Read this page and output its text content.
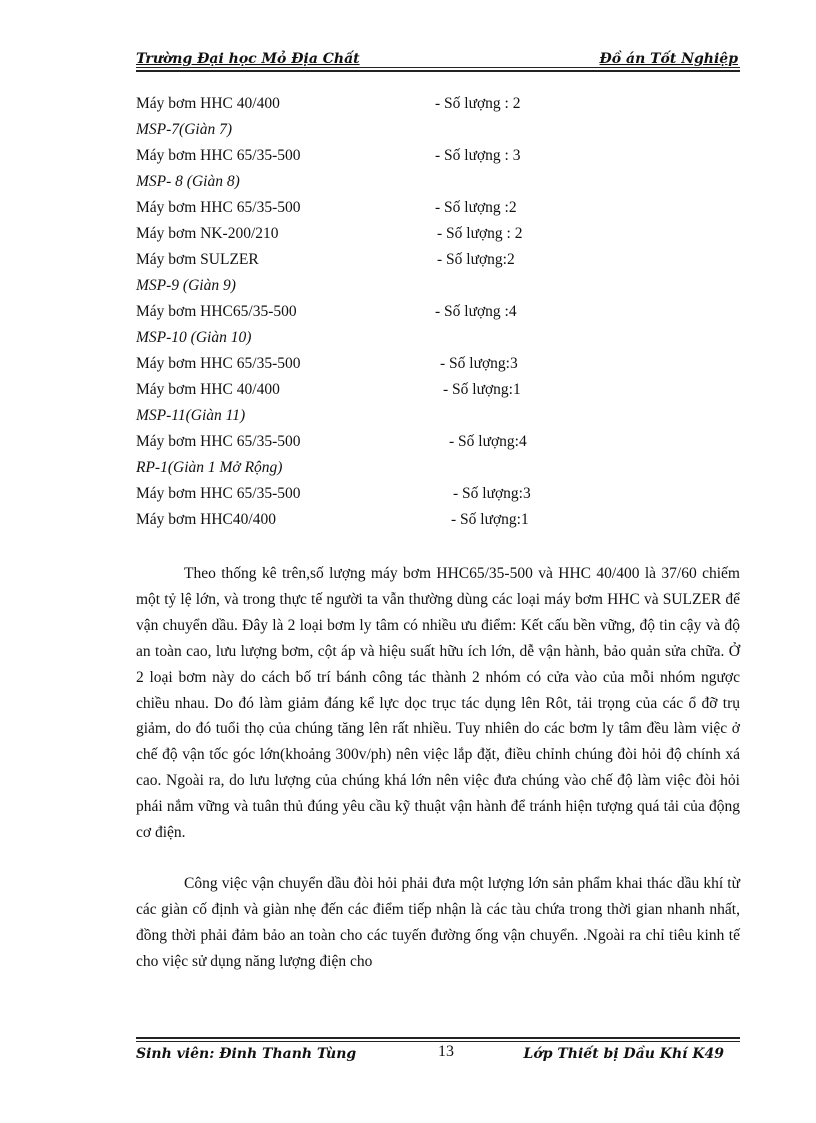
Trường Đại học Mỏ Địa Chất	Đồ án Tốt Nghiệp
Máy bơm HHC 40/400	- Số lượng : 2
MSP-7(Giàn 7)
Máy bơm HHC 65/35-500	- Số lượng : 3
MSP- 8 (Giàn 8)
Máy bơm HHC 65/35-500	- Số lượng :2
Máy bơm NK-200/210	- Số lượng : 2
Máy bơm SULZER	- Số lượng:2
MSP-9 (Giàn 9)
Máy bơm HHC65/35-500	- Số lượng :4
MSP-10 (Giàn 10)
Máy bơm HHC 65/35-500	- Số lượng:3
Máy bơm HHC 40/400	- Số lượng:1
MSP-11(Giàn 11)
Máy bơm HHC 65/35-500	- Số lượng:4
RP-1(Giàn 1 Mở Rộng)
Máy bơm HHC 65/35-500	- Số lượng:3
Máy bơm HHC40/400	- Số lượng:1
Theo thống kê trên,số lượng máy bơm HHC65/35-500 và HHC 40/400 là 37/60 chiếm một tỷ lệ lớn, và trong thực tế người ta vẫn thường dùng các loại máy bơm HHC và SULZER để vận chuyển dầu. Đây là 2 loại bơm ly tâm có nhiều ưu điểm: Kết cấu bền vững, độ tin cậy và độ an toàn cao, lưu lượng bơm, cột áp và hiệu suất hữu ích lớn, dễ vận hành, bảo quản sửa chữa. Ở 2 loại bơm này do cách bố trí bánh công tác thành 2 nhóm có cửa vào của mỗi nhóm ngược chiều nhau. Do đó làm giảm đáng kể lực dọc trục tác dụng lên Rôt, tải trọng của các ổ đỡ trụ giảm, do đó tuổi thọ của chúng tăng lên rất nhiều. Tuy nhiên do các bơm ly tâm đều làm việc ở chế độ vận tốc góc lớn(khoảng 300v/ph) nên việc lắp đặt, điều chỉnh chúng đòi hỏi độ chính xá cao. Ngoài ra, do lưu lượng của chúng khá lớn nên việc đưa chúng vào chế độ làm việc đòi hỏi phái nắm vững và tuân thủ đúng yêu cầu kỹ thuật vận hành để tránh hiện tượng quá tải của động cơ điện.
Công việc vận chuyển dầu đòi hỏi phải đưa một lượng lớn sản phẩm khai thác dầu khí từ các giàn cố định và giàn nhẹ đến các điểm tiếp nhận là các tàu chứa trong thời gian nhanh nhất, đồng thời phải đảm bảo an toàn cho các tuyến đường ống vận chuyển. .Ngoài ra chỉ tiêu kinh tế cho việc sử dụng năng lượng điện cho
Sinh viên: Đinh Thanh Tùng	13	Lớp Thiết bị Dầu Khí K49
